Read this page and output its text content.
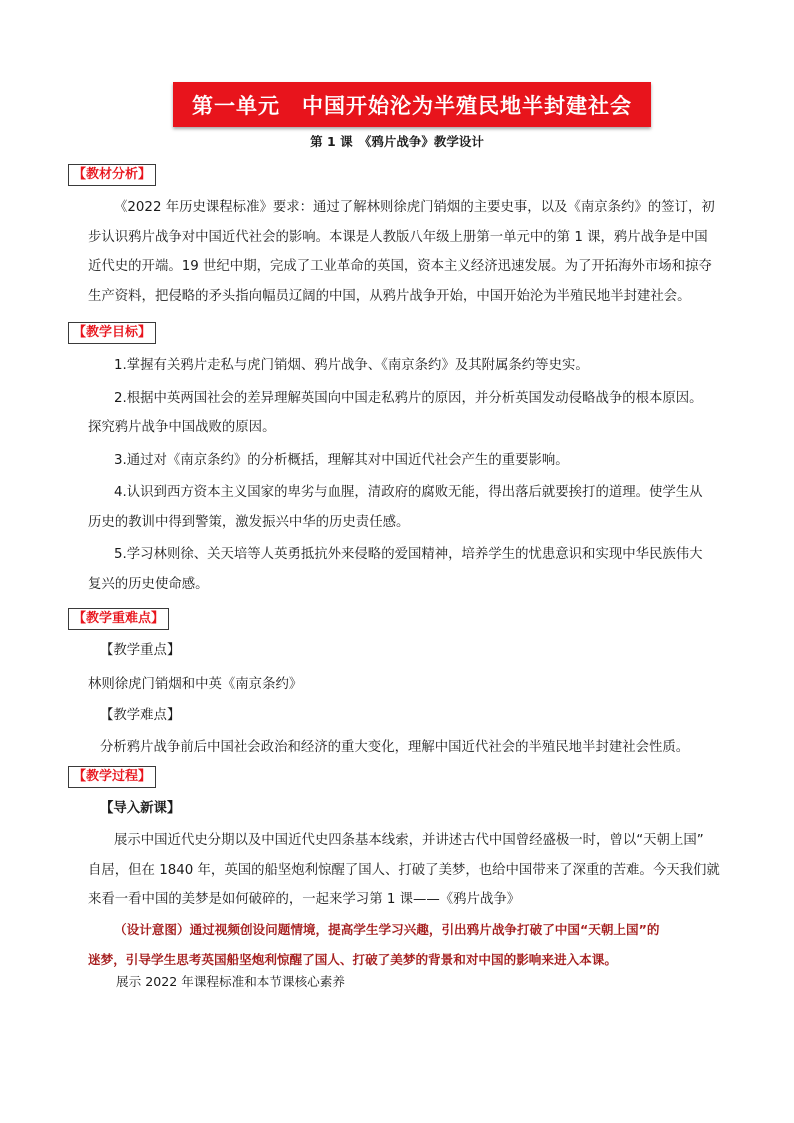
第一单元　中国开始沦为半殖民地半封建社会
第 1 课　《鸦片战争》教学设计
【教材分析】

《2022 年历史课程标准》要求：通过了解林则徐虎门销烟的主要史事，以及《南京条约》的签订，初

步认识鸦片战争对中国近代社会的影响。本课是人教版八年级上册第一单元中的第 1 课，鸦片战争是中国

近代史的开端。19 世纪中期，完成了工业革命的英国，资本主义经济迅速发展。为了开拓海外市场和掠夺

生产资料，把侵略的矛头指向幅员辽阔的中国，从鸦片战争开始，中国开始沦为半殖民地半封建社会。

【教学目标】

1.掌握有关鸦片走私与虎门销烟、鸦片战争、《南京条约》及其附属条约等史实。

2.根据中英两国社会的差异理解英国向中国走私鸦片的原因，并分析英国发动侵略战争的根本原因。

探究鸦片战争中国战败的原因。

3.通过对《南京条约》的分析概括，理解其对中国近代社会产生的重要影响。

4.认识到西方资本主义国家的卑劣与血腥，清政府的腐败无能，得出落后就要挨打的道理。使学生从

历史的教训中得到警策，激发振兴中华的历史责任感。

5.学习林则徐、关天培等人英勇抵抗外来侵略的爱国精神，培养学生的忧患意识和实现中华民族伟大

复兴的历史使命感。

【教学重难点】
【教学重点】
林则徐虎门销烟和中英《南京条约》
【教学难点】
分析鸦片战争前后中国社会政治和经济的重大变化，理解中国近代社会的半殖民地半封建社会性质。
【教学过程】
【导入新课】

展示中国近代史分期以及中国近代史四条基本线索，并讲述古代中国曾经盛极一时，曾以“天朝上国”

自居，但在 1840 年，英国的船坚炮利惊醒了国人、打破了美梦，也给中国带来了深重的苦难。今天我们就

来看一看中国的美梦是如何破碎的，一起来学习第 1 课——《鸦片战争》

（设计意图）通过视频创设问题情境，提高学生学习兴趣，引出鸦片战争打破了中国“天朝上国”的

迷梦，引导学生思考英国船坚炮利惊醒了国人、打破了美梦的背景和对中国的影响来进入本课。

展示 2022 年课程标准和本节课核心素养
